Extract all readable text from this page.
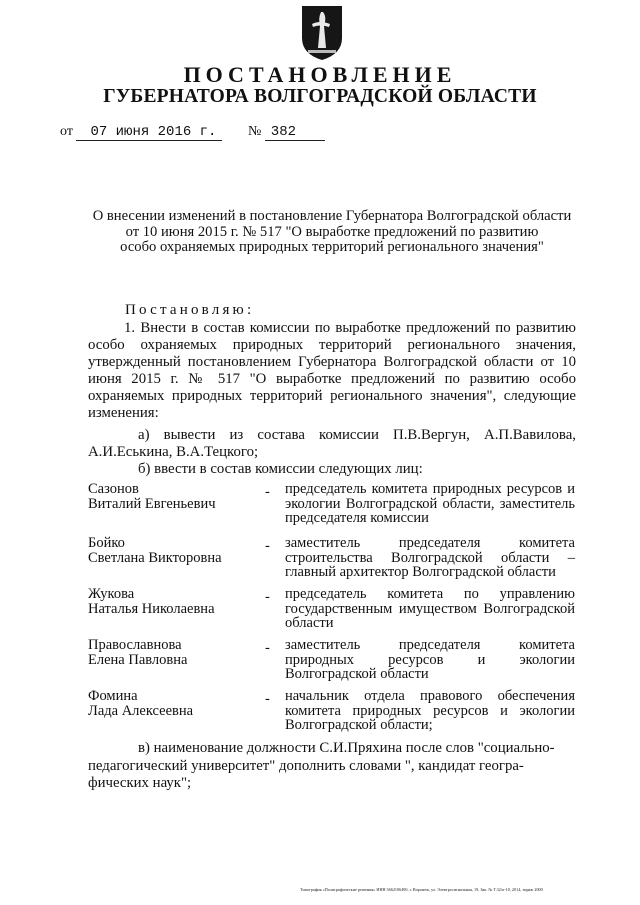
ПОСТАНОВЛЕНИЕ
ГУБЕРНАТОРА ВОЛГОГРАДСКОЙ ОБЛАСТИ
от 07 июня 2016 г. № 382
О внесении изменений в постановление Губернатора Волгоградской области
от 10 июня 2015 г. № 517 "О выработке предложений по развитию
особо охраняемых природных территорий регионального значения"
Постановляю:
1. Внести в состав комиссии по выработке предложений по развитию особо охраняемых природных территорий регионального значения, утвержденный постановлением Губернатора Волгоградской области от 10 июня 2015 г. № 517 "О выработке предложений по развитию особо охраняемых природных территорий регионального значения", следующие изменения:
а) вывести из состава комиссии П.В.Вергун, А.П.Вавилова, А.И.Еськина, В.А.Тецкого;
б) ввести в состав комиссии следующих лиц:
Сазонов
Виталий Евгеньевич
- председатель комитета природных ресурсов и экологии Волгоградской области, заместитель председателя комиссии
Бойко
Светлана Викторовна
- заместитель председателя комитета строительства Волгоградской области – главный архитектор Волгоградской области
Жукова
Наталья Николаевна
- председатель комитета по управлению государственным имуществом Волгоградской области
Православнова
Елена Павловна
- заместитель председателя комитета природных ресурсов и экологии Волгоградской области
Фомина
Лада Алексеевна
- начальник отдела правового обеспечения комитета природных ресурсов и экологии Волгоградской области;
в) наименование должности С.И.Пряхина после слов "социально-
педагогический университет" дополнить словами ", кандидат геогра-
фических наук";
Типография «Полиграфические решения» ИНН 3662106490, г. Воронеж, ул. Электросигнальная, 19, Зак. № Т.32/п-10, 2014, тираж 2000
